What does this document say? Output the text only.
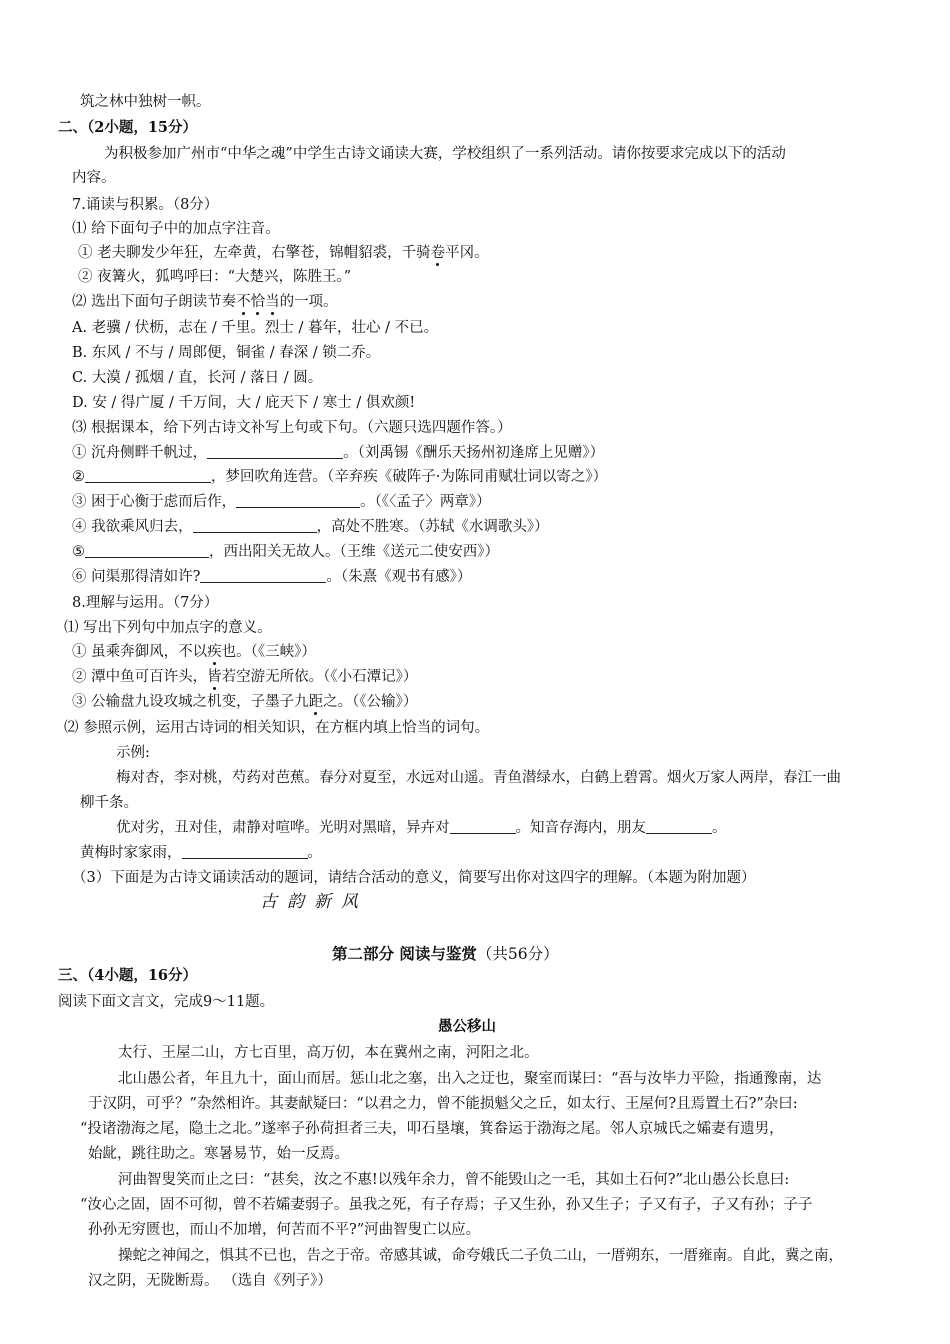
筑之林中独树一帜。
二、（2小题，15分）
为积极参加广州市“中华之魂”中学生古诗文诵读大赛，学校组织了一系列活动。请你按要求完成以下的活动
内容。
7.诵读与积累。（8分）
⑴ 给下面句子中的加点字注音。
① 老夫聊发少年狂，左牵黄，右擎苍，锦帽貂裘，千骑卷平冈。
② 夜篝火，狐鸣呼曰：“大楚兴，陈胜王。”
⑵ 选出下面句子朗读节奏不恰当的一项。
A. 老骥 / 伏枥，志在 / 千里。烈士 / 暮年，壮心 / 不已。
B. 东风 / 不与 / 周郎便，铜雀 / 春深 / 锁二乔。
C. 大漠 / 孤烟 / 直，长河 / 落日 / 圆。
D. 安 / 得广厦 / 千万间，大 / 庇天下 / 寒士 / 俱欢颜!
⑶ 根据课本，给下列古诗文补写上句或下句。（六题只选四题作答。）
① 沉舟侧畔千帆过，	。（刘禹锡《酬乐天扬州初逢席上见赠》）
②	，梦回吹角连营。（辛弃疾《破阵子·为陈同甫赋壮词以寄之》）
③ 困于心衡于虑而后作，	。（《〈孟子〉两章》）
④ 我欲乘风归去，	，高处不胜寒。（苏轼《水调歌头》）
⑤	，西出阳关无故人。（王维《送元二使安西》）
⑥ 问渠那得清如许?	。（朱熹《观书有感》）
8.理解与运用。（7分）
⑴ 写出下列句中加点字的意义。
① 虽乘奔御风，不以疾也。（《三峡》）
② 潭中鱼可百许头，皆若空游无所依。（《小石潭记》）
③ 公输盘九设攻城之机变，子墨子九距之。（《公输》）
⑵ 参照示例，运用古诗词的相关知识，在方框内填上恰当的词句。
示例:
梅对杏，李对桃，芍药对芭蕉。春分对夏至，水远对山遥。青鱼潜绿水，白鹤上碧霄。烟火万家人两岸，春江一曲
柳千条。
优对劣，丑对佳，肃静对喧哗。光明对黑暗，异卉对	。知音存海内，朋友	。
黄梅时家家雨，	。
（3）下面是为古诗文诵读活动的题词，请结合活动的意义，简要写出你对这四字的理解。（本题为附加题）
古韵新风
第二部分 阅读与鉴赏（共56分）
三、（4小题，16分）
阅读下面文言文，完成9～11题。
愚公移山
太行、王屋二山，方七百里，高万仞，本在冀州之南，河阳之北。
北山愚公者，年且九十，面山而居。惩山北之塞，出入之迂也，聚室而谋曰：“吾与汝毕力平险，指通豫南，达
于汉阴，可乎？”杂然相许。其妻献疑曰：“以君之力，曾不能损魁父之丘，如太行、王屋何?且焉置土石?”杂曰:
“投诸渤海之尾，隐土之北。”遂率子孙荷担者三夫，叩石垦壤，箕畚运于渤海之尾。邻人京城氏之孀妻有遗男，
始龀，跳往助之。寒暑易节，始一反焉。
河曲智叟笑而止之曰：“甚矣，汝之不惠!以残年余力，曾不能毁山之一毛，其如土石何?”北山愚公长息曰:
“汝心之固，固不可彻，曾不若孀妻弱子。虽我之死，有子存焉；子又生孙，孙又生子；子又有子，子又有孙；子子
孙孙无穷匮也，而山不加增，何苦而不平?”河曲智叟亡以应。
操蛇之神闻之，惧其不已也，告之于帝。帝感其诚，命夸娥氏二子负二山，一厝朔东，一厝雍南。自此，冀之南，
汉之阴，无陇断焉。 （选自《列子》）
